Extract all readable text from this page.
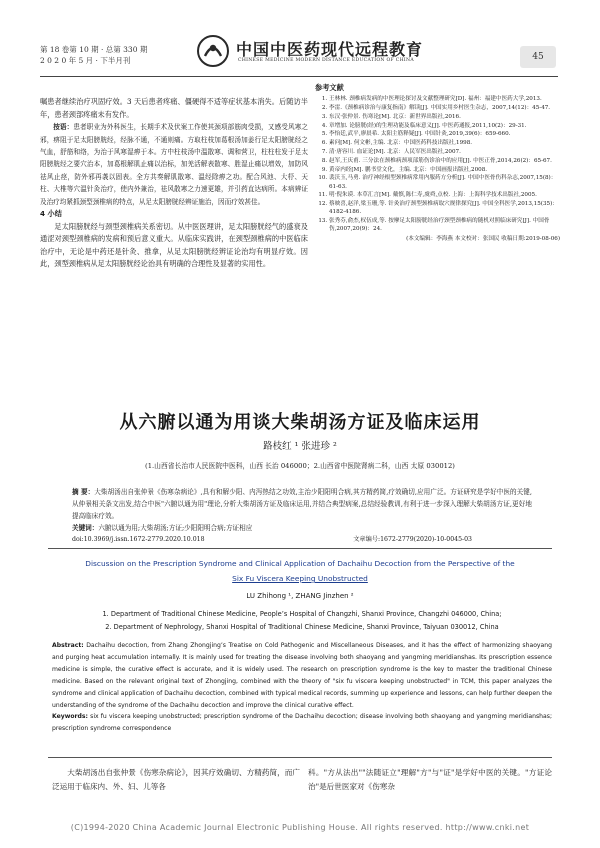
第 18 卷第 10 期 · 总第 330 期
2 0 2 0 年 5 月 · 下半月刊
中国中医药现代远程教育
CHINESE MEDICINE MODERN DISTANCE EDUCATION OF CHINA	45

嘱患者继续治疗巩固疗效。3 天后患者疼痛、僵硬得不适等症状基本消失。后随访半年，患者颈部疼痛未有发作。

按语：患者职业为外科医生，长期手术及伏案工作使其颈项部筋肉受损，又感受风寒之邪，痹阻于足太阳膀胱经，经脉不通，不通则痛。方取柱枝加葛根汤加姜行足太阳膀胱经之气血，舒筋和络，为治于风寒湿痹于本。方中柱枝汤中温散寒、调和营卫，柱柱柱发于足太阳膀胱经之要穴治本，加葛根解肌止痛以治标，加羌活解表散寒、胜湿止痛以增效，加防风祛风止痉，防外邪再袭以固表。全方共奏解肌散寒、温经除痹之功。配合风池、大杼、天柱、大椎等穴温针灸治疗，使内外兼治，祛风散寒之力速更雄，并引药直达病所。本病辨证及治疗均紧抓颈型颈椎病的特点，从足太阳膀胱经辨证施治，因而疗效甚佳。

4 小结

足太阳膀胱经与颈型颈椎病关系密切。从中医医理讲，足太阳膀胱经气的盛衰及通涩对颈型颈椎病的发病和预后意义重大。从临床实践讲，在颈型颈椎病的中医临床治疗中，无论是中药还是针灸、推拿，从足太阳膀胱经辨证论治均有明显疗效。因此，颈型颈椎病从足太阳膀胱经论治具有明确的合理性及显著的实用性。

参考文献
1. 王林林. 颈椎病发病的中医理论探讨及文献整理研究[D]. 福州：福建中医药大学,2013.
2. 李雷.《颈椎病诊治与康复指南》解读[J]. 中国实用乡村医生杂志，2007,14(12)：45-47.
3. 东汉·张仲景. 伤寒论[M]. 北京：新世界出版社,2016.
4. 章增加. 论膀胱(经)的生理功能及临床意义[J]. 中医药通报,2011,10(2)：29-31.
5. 李怡廷,武平,廖晨希. 太阳主筋释疑[J]. 中国针灸,2019,39(6)：659-660.
6. 素问[M]. 何文彬,主编. 北京：中国医药科技出版社,1998.
7. 清·唐容川. 血证论[M]. 北京：人民军医出版社,2007.
8. 赵军,王庆甫. 三分法在颈椎病颈项部筋伤诊治中的应用[J]. 中医正骨,2014,26(2)：65-67.
9. 黄帝内经[M]. 鹏书堂文化，主编. 北京：中国画报出版社,2008.
10. 裴沃玉,马勇. 治疗神经根型颈椎病常用内服药方分析[J]. 中国中医骨伤科杂志,2007,15(8)：61-63.
11. 明·倪朱谟. 本草汇言[M]. 戴慎,陈仁寿,虞舜,点校. 上海：上海科学技术出版社,2005.
12. 蔡映喜,赵洋,梁玉珊,等. 针灸治疗颈型颈椎病取穴规律探究[J]. 中国全科医学,2013,15(35)：4182-4186.
13. 张秀芬,俞杰,权伍成,等. 按摩足太阳膀胱经治疗颈型颈椎病的随机对照临床研究[J]. 中国骨伤,2007,20(9)：24.
(本文编辑：李海燕 本文校对：张国民 收稿日期:2019-08-06)
从六腑以通为用谈大柴胡汤方证及临床运用
路枝红 ¹ 张进珍 ²
(1.山西省长治市人民医院中医科，山西 长治 046000；2.山西省中医院肾病二科，山西 太原 030012)
摘 要：大柴胡汤出自张仲景《伤寒杂病论》,具有和解少阳、内泻热结之功效,主治少阳阳明合病,其方精药简,疗效确切,应用广泛。方证研究是学好中医的关键,从仲景相关条文出发,结合中医"六腑以通为用"理论,分析大柴胡汤方证及临床运用,并结合典型病案,总结经验教训,有利于进一步深入理解大柴胡汤方证,更好地提高临床疗效。
关键词：六腑以通为用;大柴胡汤;方证;少阳阳明合病;方证相应
doi:10.3969/j.issn.1672-2779.2020.10.018	文章编号:1672-2779(2020)-10-0045-03
Discussion on the Prescription Syndrome and Clinical Application of Dachaihu Decoction from the Perspective of the
Six Fu Viscera Keeping Unobstructed
LU Zhihong ¹, ZHANG Jinzhen ²
1. Department of Traditional Chinese Medicine, People’s Hospital of Changzhi, Shanxi Province, Changzhi 046000, China;
2. Department of Nephrology, Shanxi Hospital of Traditional Chinese Medicine, Shanxi Province, Taiyuan 030012, China
Abstract: Dachaihu decoction, from Zhang Zhongjing’s Treatise on Cold Pathogenic and Miscellaneous Diseases, and it has the effect of harmonizing shaoyang and purging heat accumulation internally. It is mainly used for treating the disease involving both shaoyang and yangming meridianshas. Its prescription essence medicine is simple, the curative effect is accurate, and it is widely used. The research on prescription syndrome is the key to master the traditional Chinese medicine. Based on the relevant original text of Zhongjing, combined with the theory of "six fu viscera keeping unobstructed" in TCM, this paper analyzes the syndrome and clinical application of Dachaihu decoction, combined with typical medical records, summing up experience and lessons, can help further deepen the understanding of the syndrome of the Dachaihu decoction and improve the clinical curative effect.
Keywords: six fu viscera keeping unobstructed; prescription syndrome of the Dachaihu decoction; disease involving both shaoyang and yangming meridianshas; prescription syndrome correspondence
大柴胡汤出自张仲景《伤寒杂病论》，因其疗效确切、方精药简，而广泛运用于临床内、外、妇、儿等各
科。"方从法出""法随证立"理解"方"与"证"是学好中医的关键。"方证论治"是后世医家对《伤寒杂
(C)1994-2020 China Academic Journal Electronic Publishing House. All rights reserved. http://www.cnki.net
